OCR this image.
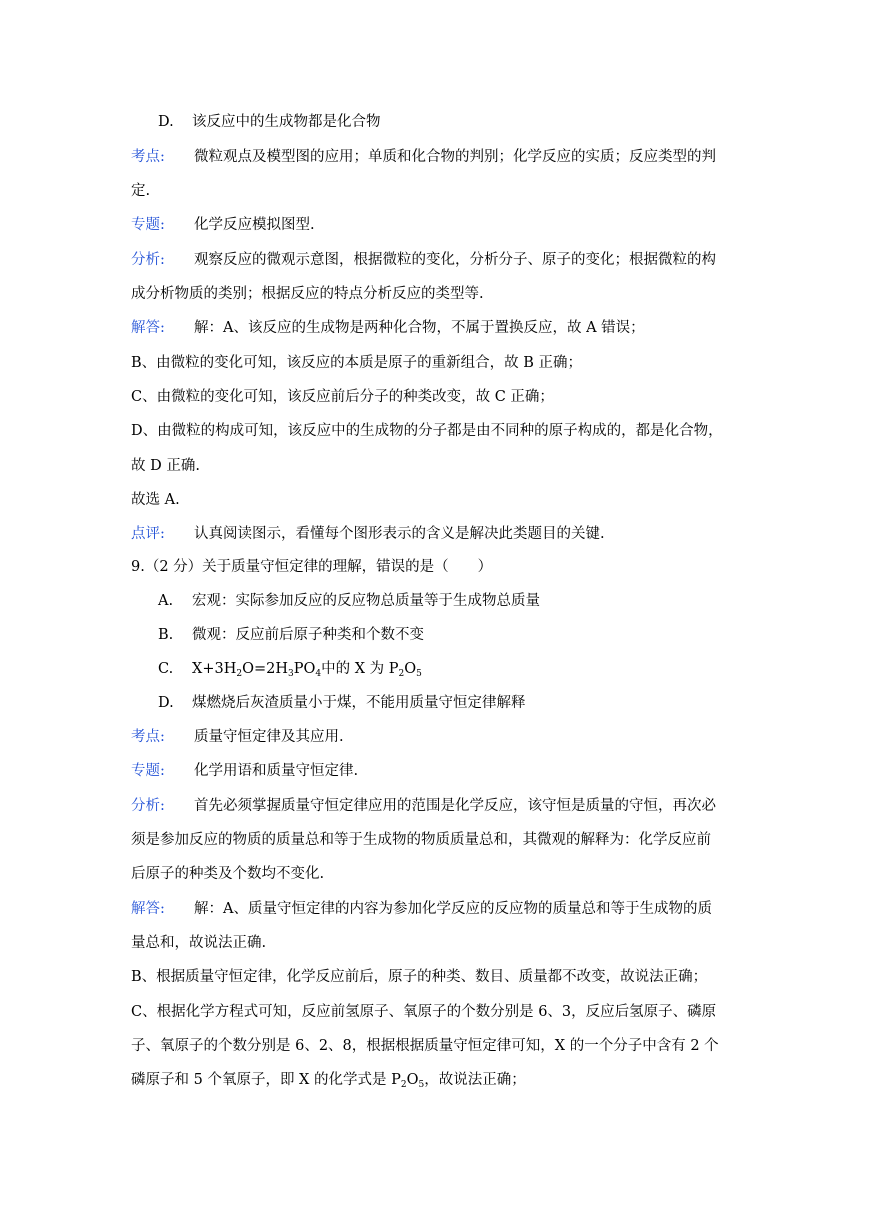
D. 该反应中的生成物都是化合物
考点: 微粒观点及模型图的应用；单质和化合物的判别；化学反应的实质；反应类型的判
定.
专题: 化学反应模拟图型.
分析: 观察反应的微观示意图，根据微粒的变化，分析分子、原子的变化；根据微粒的构
成分析物质的类别；根据反应的特点分析反应的类型等.
解答: 解：A、该反应的生成物是两种化合物，不属于置换反应，故 A 错误；
B、由微粒的变化可知，该反应的本质是原子的重新组合，故 B 正确；
C、由微粒的变化可知，该反应前后分子的种类改变，故 C 正确；
D、由微粒的构成可知，该反应中的生成物的分子都是由不同种的原子构成的，都是化合物，
故 D 正确.
故选 A.
点评: 认真阅读图示，看懂每个图形表示的含义是解决此类题目的关键.
9.（2 分）关于质量守恒定律的理解，错误的是（　　）
A. 宏观：实际参加反应的反应物总质量等于生成物总质量
B. 微观：反应前后原子种类和个数不变
C. $X+3H_2O=2H_3PO_4$中的 X 为 $P_2O_5$
D. 煤燃烧后灰渣质量小于煤，不能用质量守恒定律解释
考点: 质量守恒定律及其应用.
专题: 化学用语和质量守恒定律.
分析: 首先必须掌握质量守恒定律应用的范围是化学反应，该守恒是质量的守恒，再次必
须是参加反应的物质的质量总和等于生成物的物质质量总和，其微观的解释为：化学反应前
后原子的种类及个数均不变化.
解答: 解：A、质量守恒定律的内容为参加化学反应的反应物的质量总和等于生成物的质
量总和，故说法正确.
B、根据质量守恒定律，化学反应前后，原子的种类、数目、质量都不改变，故说法正确；
C、根据化学方程式可知，反应前氢原子、氧原子的个数分别是 6、3，反应后氢原子、磷原
子、氧原子的个数分别是 6、2、8，根据根据质量守恒定律可知，X 的一个分子中含有 2 个
磷原子和 5 个氧原子，即 X 的化学式是 $P_2O_5$，故说法正确；
